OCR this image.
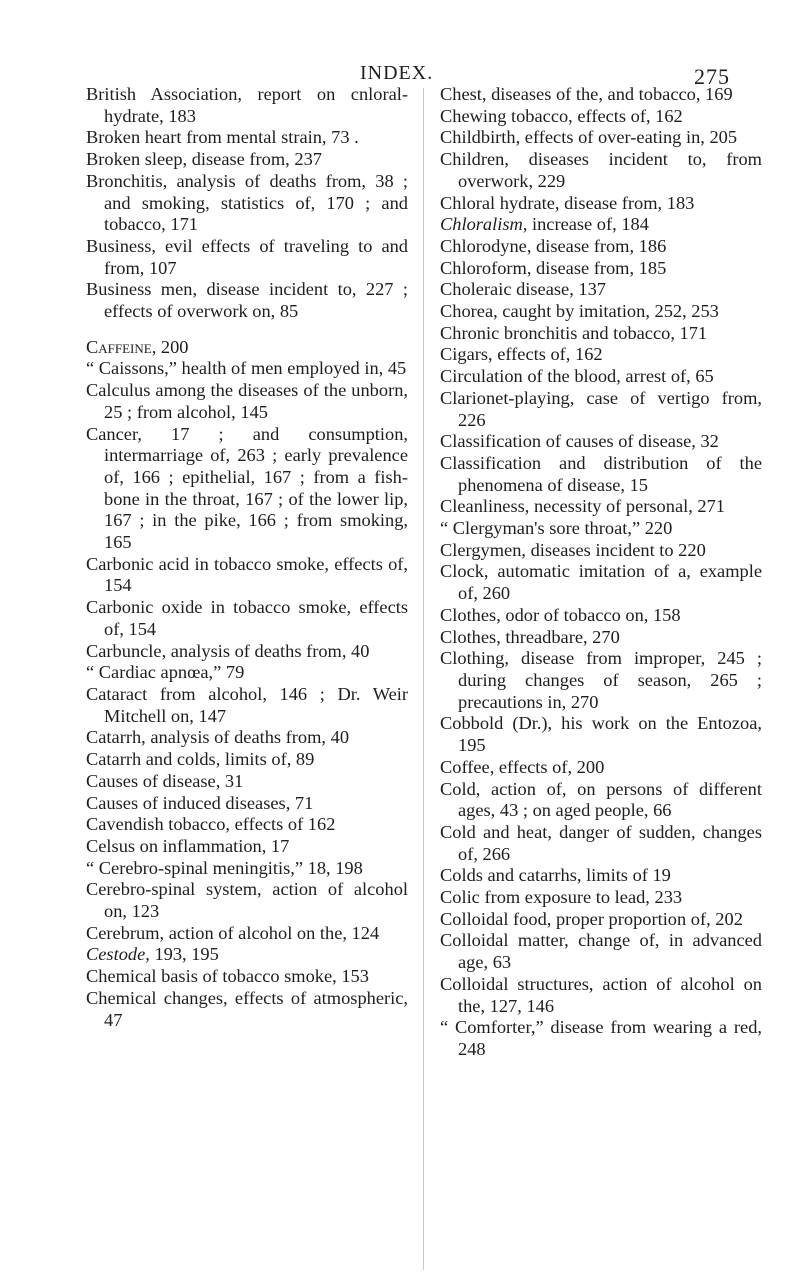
INDEX.	275
British Association, report on cnloral-hydrate, 183
Broken heart from mental strain, 73 .
Broken sleep, disease from, 237
Bronchitis, analysis of deaths from, 38 ; and smoking, statistics of, 170 ; and tobacco, 171
Business, evil effects of traveling to and from, 107
Business men, disease incident to, 227 ; effects of overwork on, 85
Caffeine, 200
“ Caissons,” health of men employed in, 45
Calculus among the diseases of the unborn, 25 ; from alcohol, 145
Cancer, 17 ; and consumption, intermarriage of, 263 ; early prevalence of, 166 ; epithelial, 167 ; from a fish-bone in the throat, 167 ; of the lower lip, 167 ; in the pike, 166 ; from smoking, 165
Carbonic acid in tobacco smoke, effects of, 154
Carbonic oxide in tobacco smoke, effects of, 154
Carbuncle, analysis of deaths from, 40
“ Cardiac apnœa,” 79
Cataract from alcohol, 146 ; Dr. Weir Mitchell on, 147
Catarrh, analysis of deaths from, 40
Catarrh and colds, limits of, 89
Causes of disease, 31
Causes of induced diseases, 71
Cavendish tobacco, effects of 162
Celsus on inflammation, 17
“ Cerebro-spinal meningitis,” 18, 198
Cerebro-spinal system, action of alcohol on, 123
Cerebrum, action of alcohol on the, 124
Cestode, 193, 195
Chemical basis of tobacco smoke, 153
Chemical changes, effects of atmospheric, 47
Chest, diseases of the, and tobacco, 169
Chewing tobacco, effects of, 162
Childbirth, effects of over-eating in, 205
Children, diseases incident to, from overwork, 229
Chloral hydrate, disease from, 183
Chloralism, increase of, 184
Chlorodyne, disease from, 186
Chloroform, disease from, 185
Choleraic disease, 137
Chorea, caught by imitation, 252, 253
Chronic bronchitis and tobacco, 171
Cigars, effects of, 162
Circulation of the blood, arrest of, 65
Clarionet-playing, case of vertigo from, 226
Classification of causes of disease, 32
Classification and distribution of the phenomena of disease, 15
Cleanliness, necessity of personal, 271
“ Clergyman's sore throat,” 220
Clergymen, diseases incident to 220
Clock, automatic imitation of a, example of, 260
Clothes, odor of tobacco on, 158
Clothes, threadbare, 270
Clothing, disease from improper, 245 ; during changes of season, 265 ; precautions in, 270
Cobbold (Dr.), his work on the Entozoa, 195
Coffee, effects of, 200
Cold, action of, on persons of different ages, 43 ; on aged people, 66
Cold and heat, danger of sudden, changes of, 266
Colds and catarrhs, limits of 19
Colic from exposure to lead, 233
Colloidal food, proper proportion of, 202
Colloidal matter, change of, in advanced age, 63
Colloidal structures, action of alcohol on the, 127, 146
“ Comforter,” disease from wearing a red, 248
